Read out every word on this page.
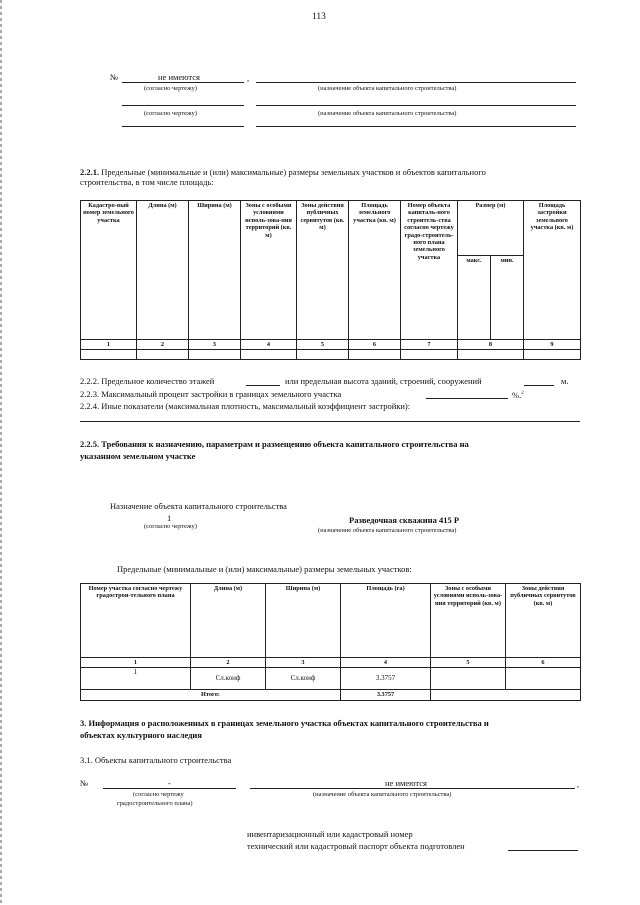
113
№	не имеются	,
(согласно чертежу)	(назначение объекта капитального строительства)
(согласно чертежу)	(назначение объекта капитального строительства)
2.2.1. Предельные (минимальные и (или) максимальные) размеры земельных участков и объектов капитального
строительства, в том числе площадь:
Кадастро-вый номер земельного участка	Длина (м)	Ширина (м)	Зоны с особыми условиями исполь-зова-ния территорий (кв. м)	Зоны действия публичных сервитутов (кв. м)	Площадь земельного участка (кв. м)	Номер объекта капиталь-ного строитель-ства согласно чертежу градо-строитель-ного плана земельного участка	Размер (м)		Площадь застройки земельного участка (кв. м)
							макс.	мин.	
1	2	3	4	5	6	7	8		9

2.2.2. Предельное количество этажей	или предельная высота зданий, строений, сооружений	м.
2.2.3. Максимальный процент застройки в границах земельного участка	%.$^2$
2.2.4. Иные показатели (максимальная плотность, максимальный коэффициент застройки):
2.2.5. Требования к назначению, параметрам и размещению объекта капитального строительства на
указанном земельном участке
Назначение объекта капитального строительства
1
(согласно чертежу)
Разведочная скважина 415 Р
(назначение объекта капитального строительства)
Предельные (минимальные и (или) максимальные) размеры земельных участков:
Номер участка согласно чертежу градострои-тельного плана	Длина (м)	Ширина (м)	Площадь (га)	Зоны с особыми условиями исполь-зова-ния территорий (кв. м)	Зоны действия публичных сервитутов (кв. м)
1	2	3	4	5	6
1	Сл.конф	Сл.конф	3.3757		
Итого:			3.3757		
3. Информация о расположенных в границах земельного участка объектах капитального строительства и
объектах культурного наследия
3.1. Объекты капитального строительства
№	-	не имеются	,
(согласно чертежу
градостроительного плана)
(назначение объекта капитального строительства)
инвентаризационный или кадастровый номер
технический или кадастровый паспорт объекта подготовлен
